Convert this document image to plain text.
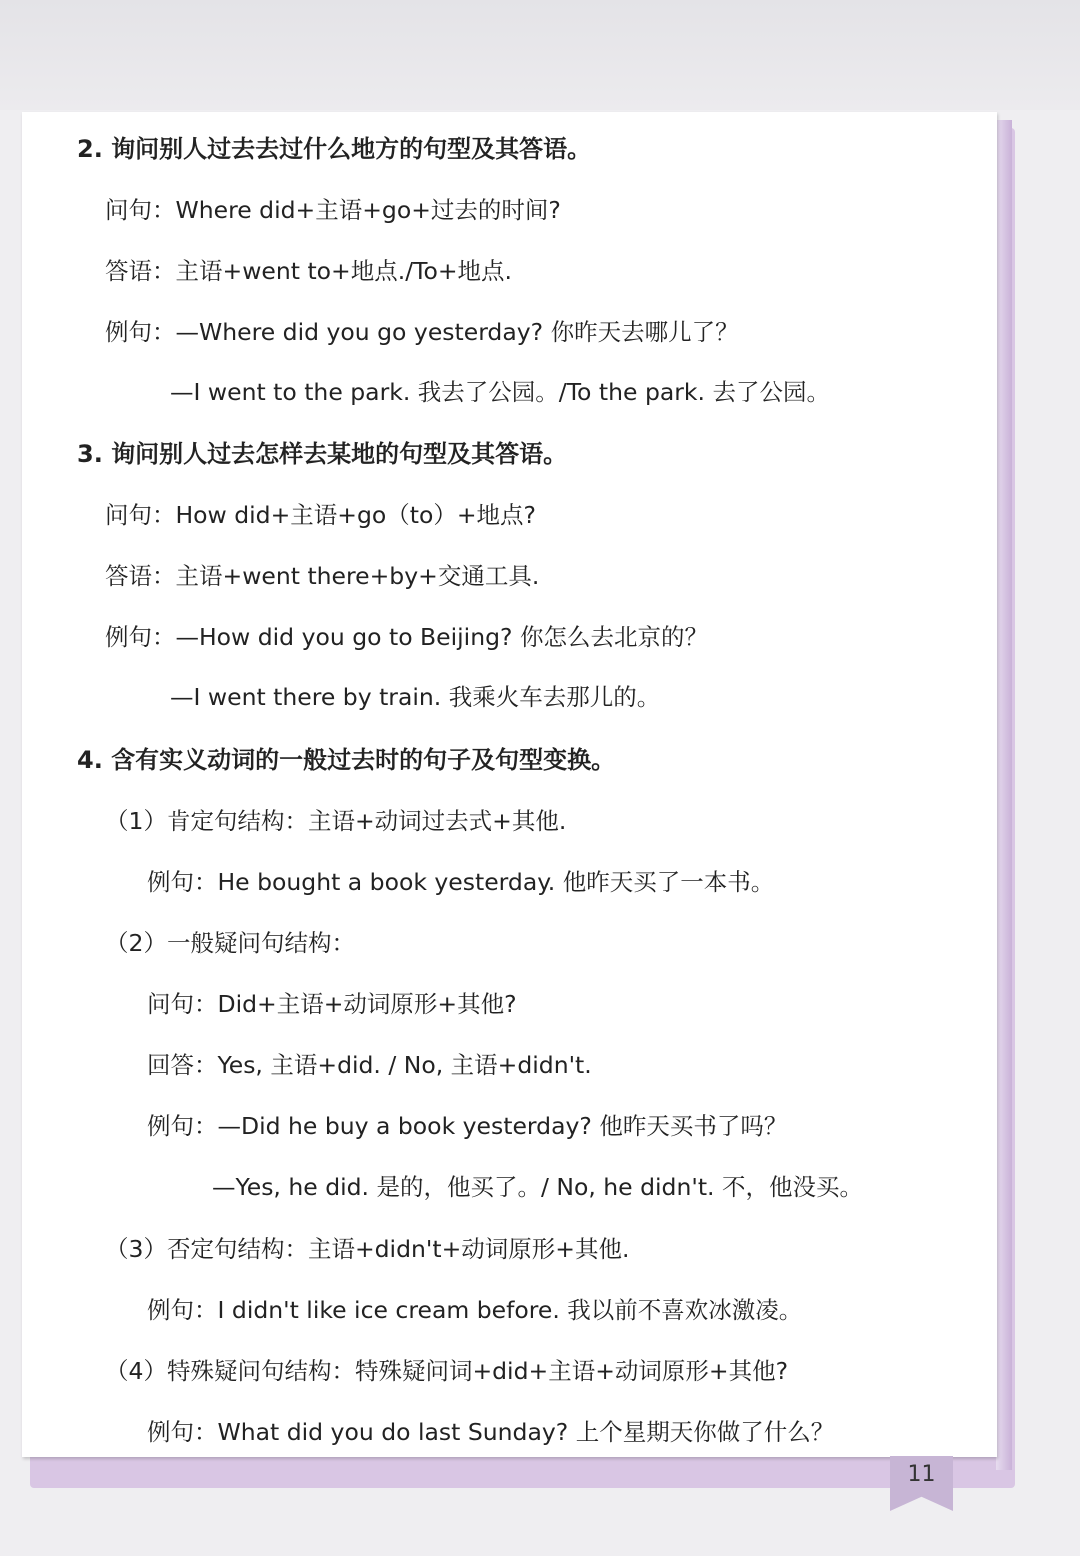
2. 询问别人过去去过什么地方的句型及其答语。
问句：Where did+主语+go+过去的时间?
答语：主语+went to+地点./To+地点.
例句：—Where did you go yesterday? 你昨天去哪儿了？
—I went to the park. 我去了公园。/To the park. 去了公园。
3. 询问别人过去怎样去某地的句型及其答语。
问句：How did+主语+go（to）+地点?
答语：主语+went there+by+交通工具.
例句：—How did you go to Beijing? 你怎么去北京的？
—I went there by train. 我乘火车去那儿的。
4. 含有实义动词的一般过去时的句子及句型变换。
（1）肯定句结构：主语+动词过去式+其他.
例句：He bought a book yesterday. 他昨天买了一本书。
（2）一般疑问句结构：
问句：Did+主语+动词原形+其他?
回答：Yes, 主语+did. / No, 主语+didn't.
例句：—Did he buy a book yesterday? 他昨天买书了吗？
—Yes, he did. 是的，他买了。/ No, he didn't. 不，他没买。
（3）否定句结构：主语+didn't+动词原形+其他.
例句：I didn't like ice cream before. 我以前不喜欢冰激凌。
（4）特殊疑问句结构：特殊疑问词+did+主语+动词原形+其他?
例句：What did you do last Sunday? 上个星期天你做了什么？
11
